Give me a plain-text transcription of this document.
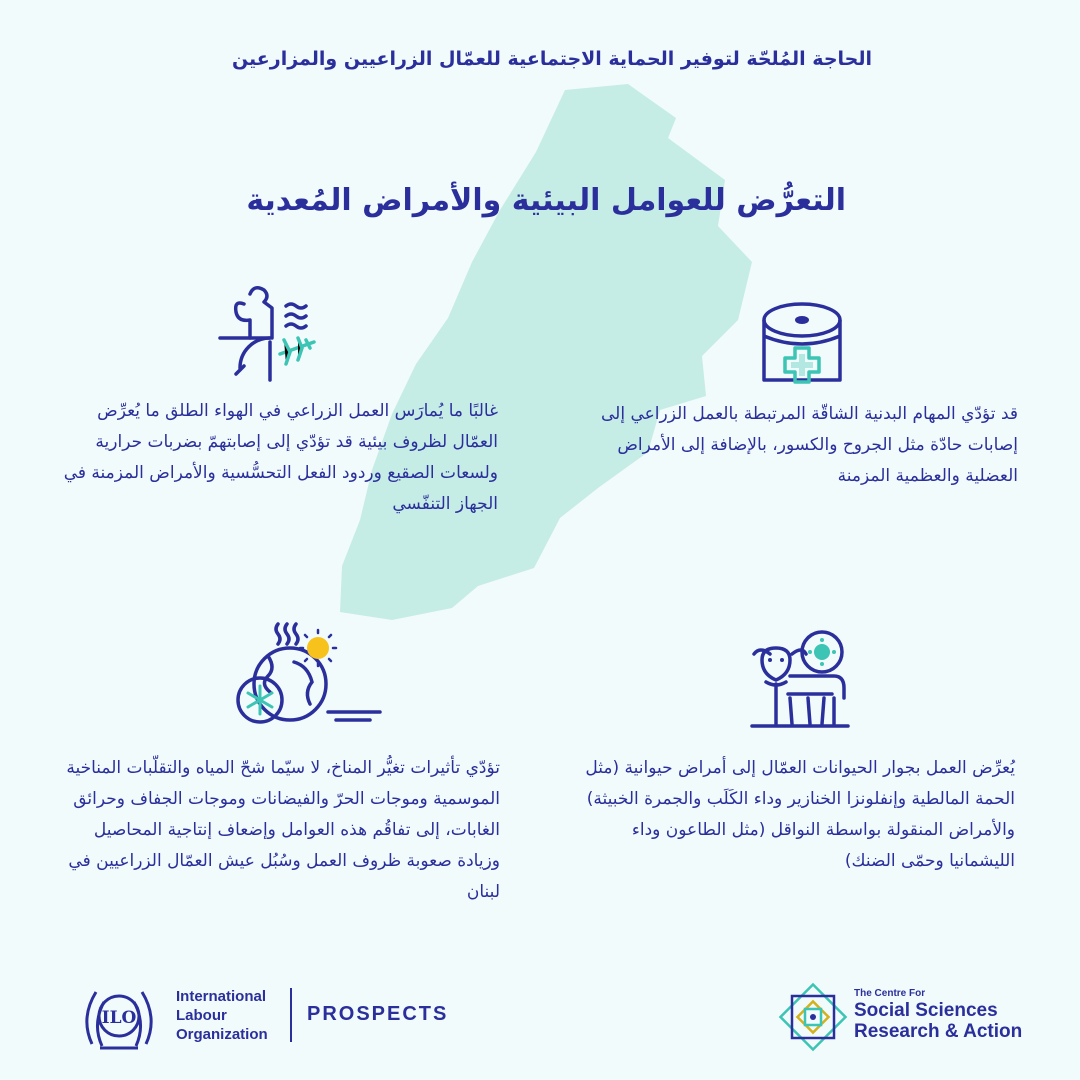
الحاجة المُلحّة لتوفير الحماية الاجتماعية للعمّال الزراعيين والمزارعين
التعرُّض للعوامل البيئية والأمراض المُعدية

قد تؤدّي المهام البدنية الشاقّة المرتبطة بالعمل الزراعي إلى إصابات حادّة مثل الجروح والكسور، بالإضافة إلى الأمراض العضلية والعظمية المزمنة

غالبًا ما يُمارَس العمل الزراعي في الهواء الطلق ما يُعرِّض العمّال لظروف بيئية قد تؤدّي إلى إصابتهمّ بضربات حرارية ولسعات الصقيع وردود الفعل التحسُّسية والأمراض المزمنة في الجهاز التنفّسي

يُعرِّض العمل بجوار الحيوانات العمّال إلى أمراض حيوانية (مثل الحمة المالطية وإنفلونزا الخنازير وداء الكَلَب والجمرة الخبيثة) والأمراض المنقولة بواسطة النواقل (مثل الطاعون وداء الليشمانيا وحمّى الضنك)

تؤدّي تأثيرات تغيُّر المناخ، لا سيّما شحّ المياه والتقلّبات المناخية الموسمية وموجات الحرّ والفيضانات وموجات الجفاف وحرائق الغابات، إلى تفاقُم هذه العوامل وإضعاف إنتاجية المحاصيل وزيادة صعوبة ظروف العمل وسُبُل عيش العمّال الزراعيين في لبنان

ILO
International
Labour
Organization
PROSPECTS
The Centre For
Social Sciences
Research & Action
